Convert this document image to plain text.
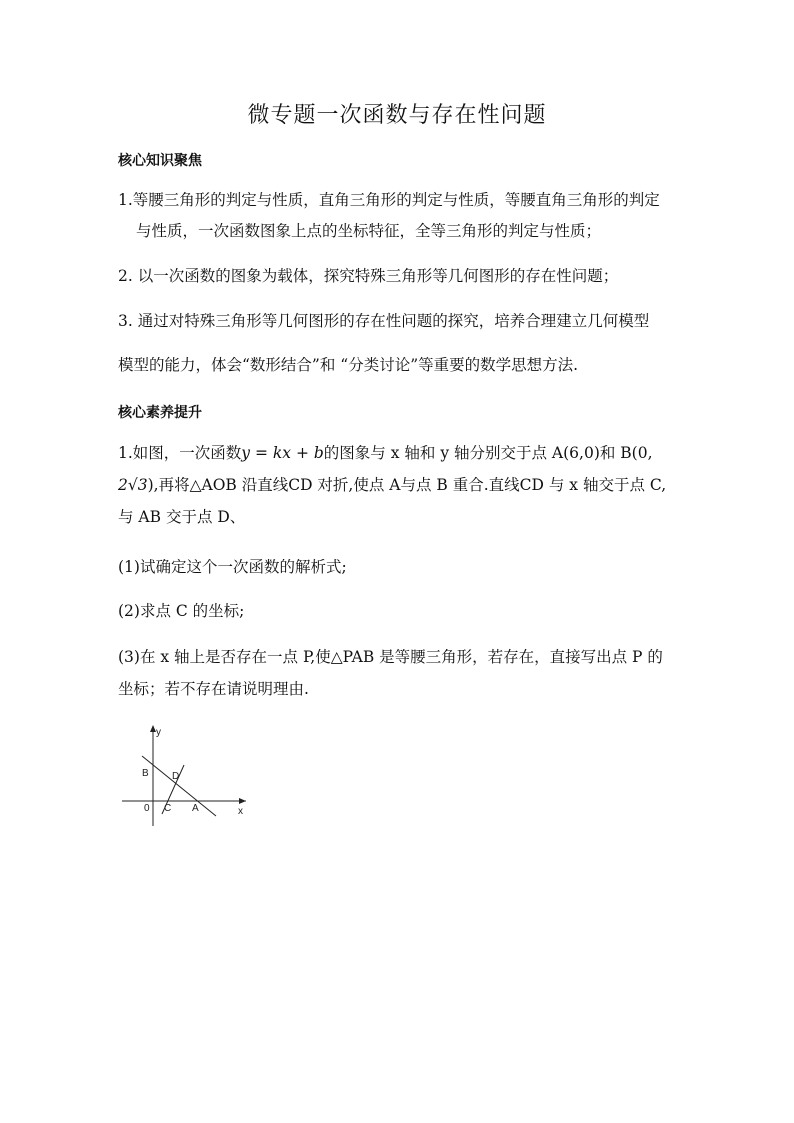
微专题一次函数与存在性问题
核心知识聚焦
1.等腰三角形的判定与性质，直角三角形的判定与性质，等腰直角三角形的判定
与性质，一次函数图象上点的坐标特征，全等三角形的判定与性质；
2. 以一次函数的图象为载体，探究特殊三角形等几何图形的存在性问题；
3. 通过对特殊三角形等几何图形的存在性问题的探究，培养合理建立几何模型
模型的能力，体会“数形结合”和 “分类讨论”等重要的数学思想方法.
核心素养提升
1.如图，一次函数y = kx + b的图象与 x 轴和 y 轴分别交于点 A(6,0)和 B(0,
2√3),再将△AOB 沿直线CD 对折,使点 A与点 B 重合.直线CD 与 x 轴交于点 C,
与 AB 交于点 D、
(1)试确定这个一次函数的解析式;
(2)求点 C 的坐标;
(3)在 x 轴上是否存在一点 P,使△PAB 是等腰三角形，若存在，直接写出点 P 的
坐标；若不存在请说明理由.
y
x
0
B
C
D
A
